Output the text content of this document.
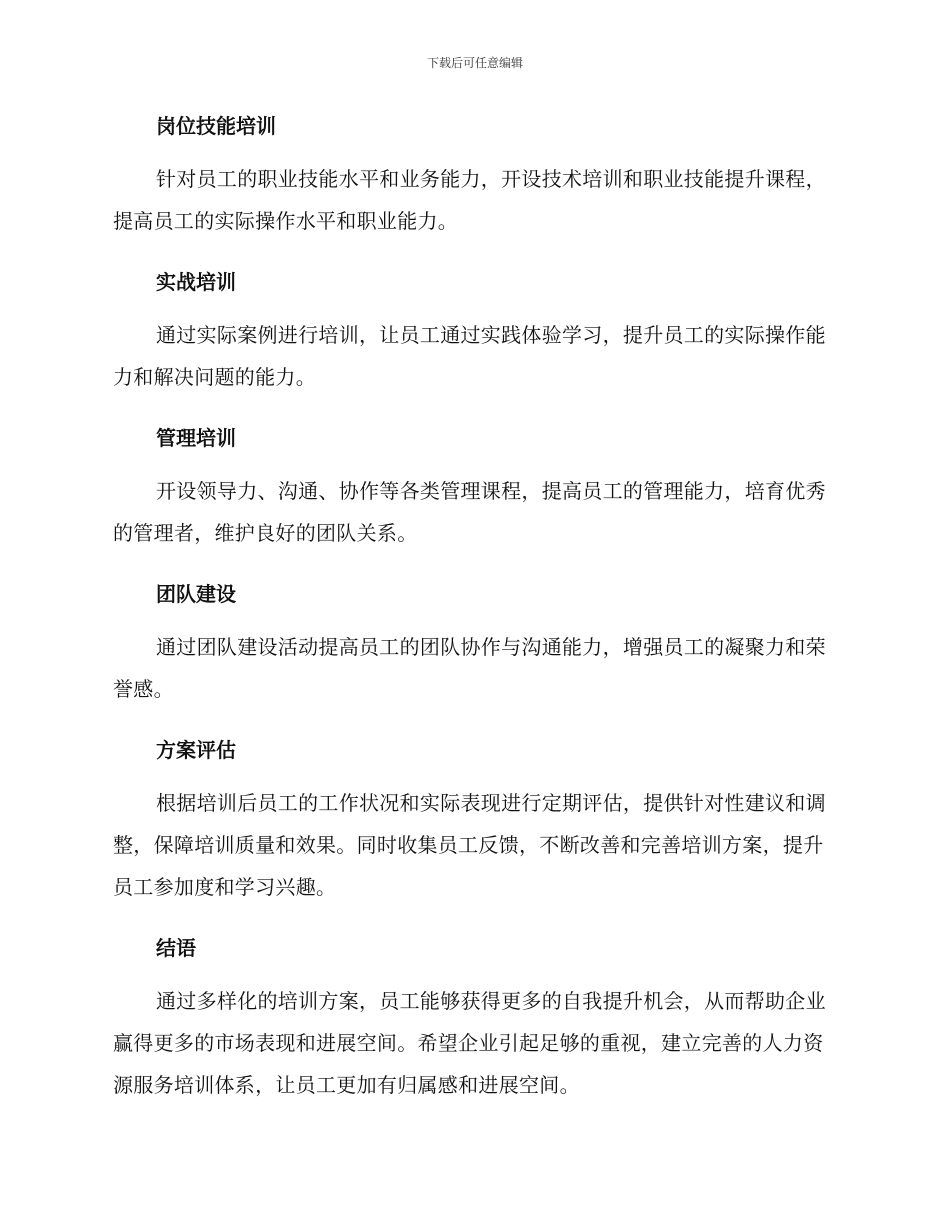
下载后可任意编辑
岗位技能培训

针对员工的职业技能水平和业务能力，开设技术培训和职业技能提升课程，提高员工的实际操作水平和职业能力。

实战培训

通过实际案例进行培训，让员工通过实践体验学习，提升员工的实际操作能力和解决问题的能力。

管理培训

开设领导力、沟通、协作等各类管理课程，提高员工的管理能力，培育优秀的管理者，维护良好的团队关系。

团队建设

通过团队建设活动提高员工的团队协作与沟通能力，增强员工的凝聚力和荣誉感。

方案评估

根据培训后员工的工作状况和实际表现进行定期评估，提供针对性建议和调整，保障培训质量和效果。同时收集员工反馈，不断改善和完善培训方案，提升员工参加度和学习兴趣。

结语

通过多样化的培训方案，员工能够获得更多的自我提升机会，从而帮助企业赢得更多的市场表现和进展空间。希望企业引起足够的重视，建立完善的人力资源服务培训体系，让员工更加有归属感和进展空间。
